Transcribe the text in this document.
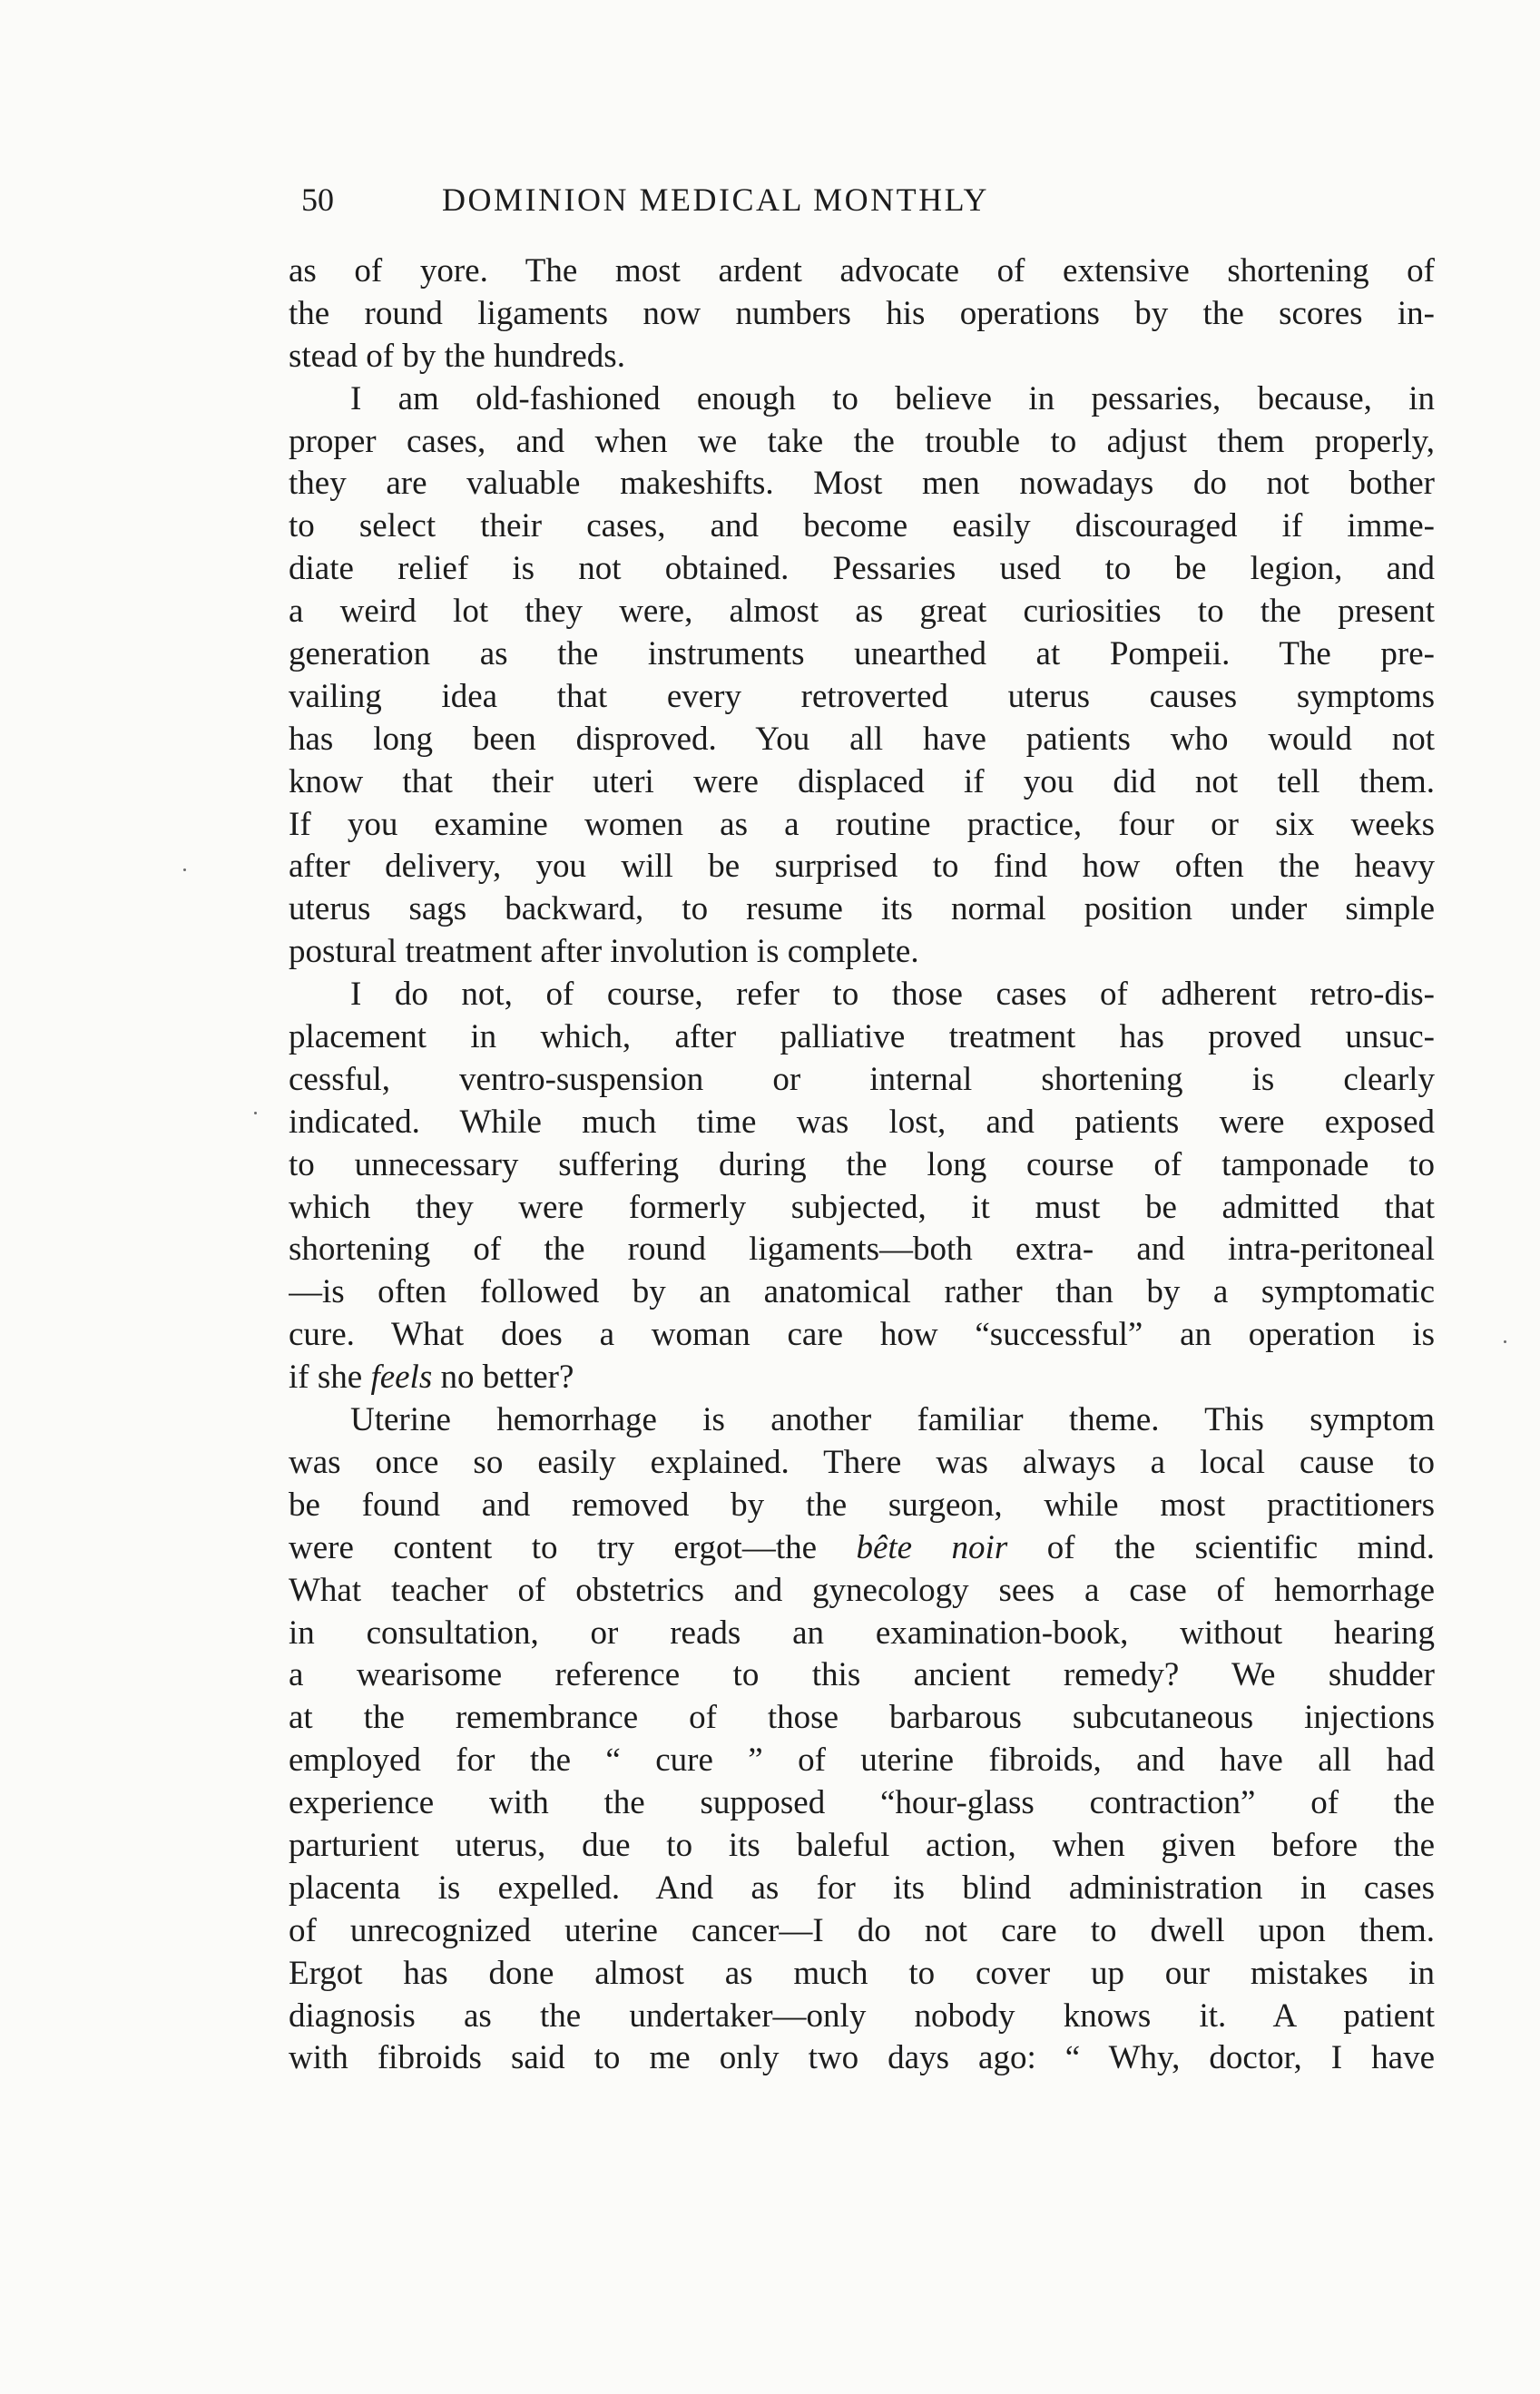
50	DOMINION MEDICAL MONTHLY
as of yore. The most ardent advocate of extensive shortening of
the round ligaments now numbers his operations by the scores in-
stead of by the hundreds.
I am old-fashioned enough to believe in pessaries, because, in
proper cases, and when we take the trouble to adjust them properly,
they are valuable makeshifts. Most men nowadays do not bother
to select their cases, and become easily discouraged if imme-
diate relief is not obtained. Pessaries used to be legion, and
a weird lot they were, almost as great curiosities to the present
generation as the instruments unearthed at Pompeii. The pre-
vailing idea that every retroverted uterus causes symptoms
has long been disproved. You all have patients who would not
know that their uteri were displaced if you did not tell them.
If you examine women as a routine practice, four or six weeks
after delivery, you will be surprised to find how often the heavy
uterus sags backward, to resume its normal position under simple
postural treatment after involution is complete.
I do not, of course, refer to those cases of adherent retro-dis-
placement in which, after palliative treatment has proved unsuc-
cessful, ventro-suspension or internal shortening is clearly
indicated. While much time was lost, and patients were exposed
to unnecessary suffering during the long course of tamponade to
which they were formerly subjected, it must be admitted that
shortening of the round ligaments—both extra- and intra-peritoneal
—is often followed by an anatomical rather than by a symptomatic
cure. What does a woman care how “successful” an operation is
if she feels no better?
Uterine hemorrhage is another familiar theme. This symptom
was once so easily explained. There was always a local cause to
be found and removed by the surgeon, while most practitioners
were content to try ergot—the bête noir of the scientific mind.
What teacher of obstetrics and gynecology sees a case of hemorrhage
in consultation, or reads an examination-book, without hearing
a wearisome reference to this ancient remedy? We shudder
at the remembrance of those barbarous subcutaneous injections
employed for the “ cure ” of uterine fibroids, and have all had
experience with the supposed “hour-glass contraction” of the
parturient uterus, due to its baleful action, when given before the
placenta is expelled. And as for its blind administration in cases
of unrecognized uterine cancer—I do not care to dwell upon them.
Ergot has done almost as much to cover up our mistakes in
diagnosis as the undertaker—only nobody knows it. A patient
with fibroids said to me only two days ago: “ Why, doctor, I have
